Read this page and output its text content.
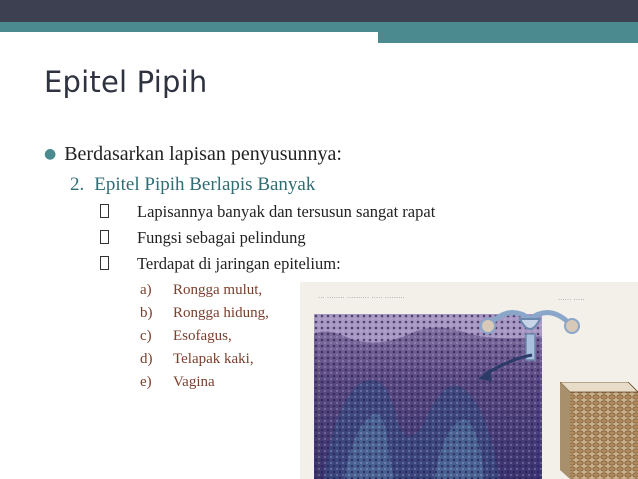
Epitel Pipih
● Berdasarkan lapisan penyusunnya:
2. Epitel Pipih Berlapis Banyak
Lapisannya banyak dan tersusun sangat rapat
Fungsi sebagai pelindung
Terdapat di jaringan epitelium:
a) Rongga mulut,
b) Rongga hidung,
c) Esofagus,
d) Telapak kaki,
e) Vagina
··· ········ ·········· ····· ·········	······ ·····
